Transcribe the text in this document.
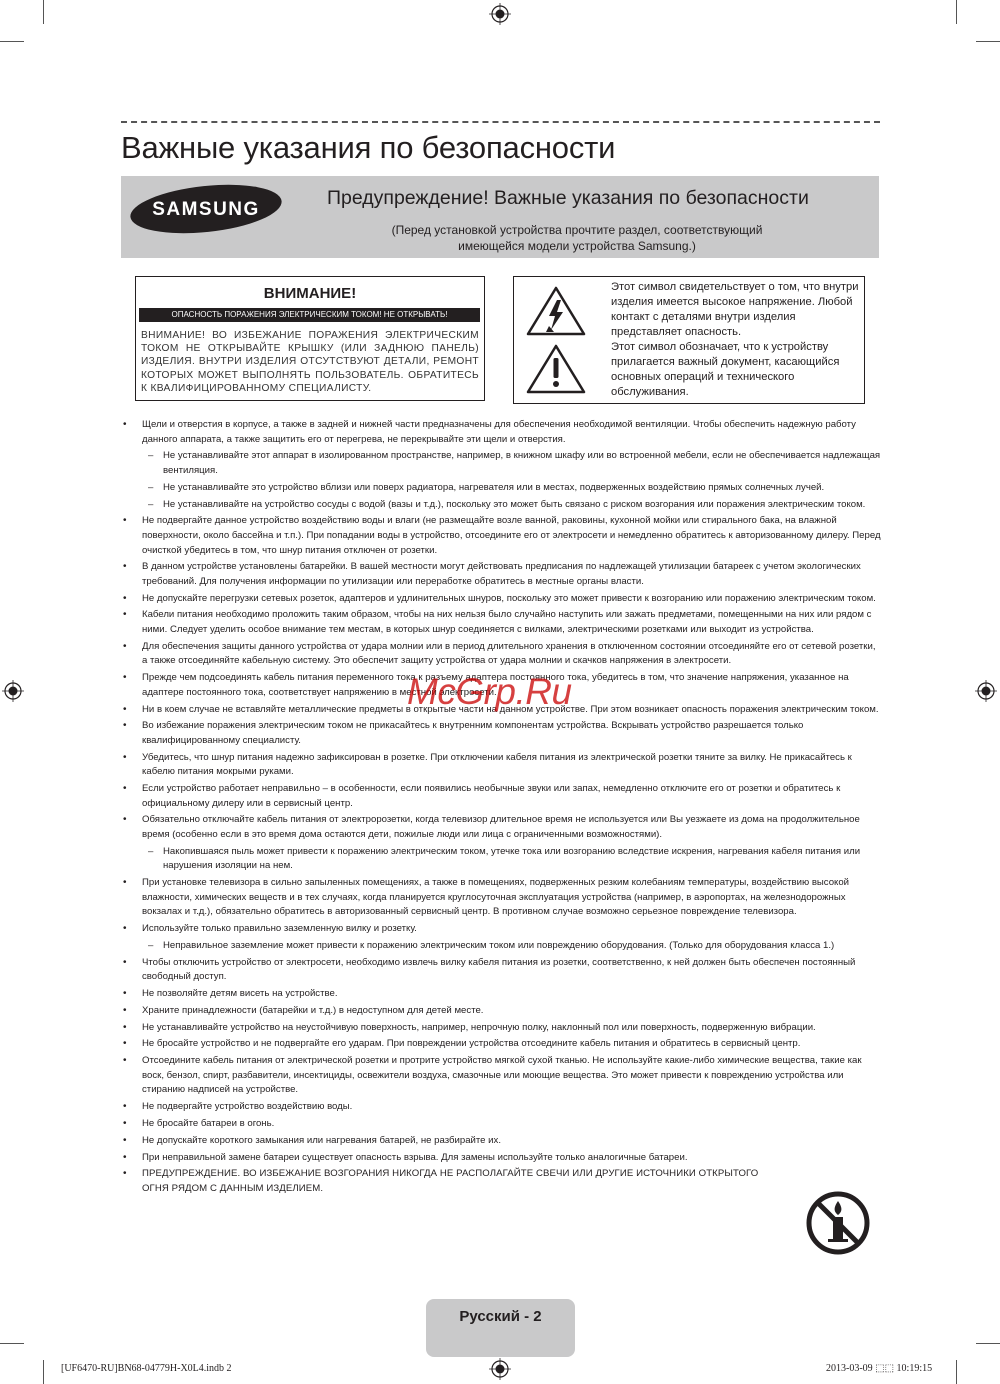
Важные указания по безопасности
SAMSUNG
Предупреждение! Важные указания по безопасности
(Перед установкой устройства прочтите раздел, соответствующий
имеющейся модели устройства Samsung.)
ВНИМАНИЕ!
ОПАСНОСТЬ ПОРАЖЕНИЯ ЭЛЕКТРИЧЕСКИМ ТОКОМ! НЕ ОТКРЫВАТЬ!
ВНИМАНИЕ! ВО ИЗБЕЖАНИЕ ПОРАЖЕНИЯ ЭЛЕКТРИЧЕСКИМ ТОКОМ НЕ ОТКРЫВАЙТЕ КРЫШКУ (ИЛИ ЗАДНЮЮ ПАНЕЛЬ) ИЗДЕЛИЯ. ВНУТРИ ИЗДЕЛИЯ ОТСУТСТВУЮТ ДЕТАЛИ, РЕМОНТ КОТОРЫХ МОЖЕТ ВЫПОЛНЯТЬ ПОЛЬЗОВАТЕЛЬ. ОБРАТИТЕСЬ К КВАЛИФИЦИРОВАННОМУ СПЕЦИАЛИСТУ.
Этот символ свидетельствует о том, что внутри изделия имеется высокое напряжение. Любой контакт с деталями внутри изделия представляет опасность.
Этот символ обозначает, что к устройству прилагается важный документ, касающийся основных операций и технического обслуживания.
• Щели и отверстия в корпусе, а также в задней и нижней части предназначены для обеспечения необходимой вентиляции. Чтобы обеспечить надежную работу данного аппарата, а также защитить его от перегрева, не перекрывайте эти щели и отверстия.
– Не устанавливайте этот аппарат в изолированном пространстве, например, в книжном шкафу или во встроенной мебели, если не обеспечивается надлежащая вентиляция.
– Не устанавливайте это устройство вблизи или поверх радиатора, нагревателя или в местах, подверженных воздействию прямых солнечных лучей.
– Не устанавливайте на устройство сосуды с водой (вазы и т.д.), поскольку это может быть связано с риском возгорания или поражения электрическим током.
• Не подвергайте данное устройство воздействию воды и влаги (не размещайте возле ванной, раковины, кухонной мойки или стирального бака, на влажной поверхности, около бассейна и т.п.). При попадании воды в устройство, отсоедините его от электросети и немедленно обратитесь к авторизованному дилеру. Перед очисткой убедитесь в том, что шнур питания отключен от розетки.
• В данном устройстве установлены батарейки. В вашей местности могут действовать предписания по надлежащей утилизации батареек с учетом экологических требований. Для получения информации по утилизации или переработке обратитесь в местные органы власти.
• Не допускайте перегрузки сетевых розеток, адаптеров и удлинительных шнуров, поскольку это может привести к возгоранию или поражению электрическим током.
• Кабели питания необходимо проложить таким образом, чтобы на них нельзя было случайно наступить или зажать предметами, помещенными на них или рядом с ними. Следует уделить особое внимание тем местам, в которых шнур соединяется с вилками, электрическими розетками или выходит из устройства.
• Для обеспечения защиты данного устройства от удара молнии или в период длительного хранения в отключенном состоянии отсоединяйте его от сетевой розетки, а также отсоединяйте кабельную систему. Это обеспечит защиту устройства от удара молнии и скачков напряжения в электросети.
• Прежде чем подсоединять кабель питания переменного тока к разъему адаптера постоянного тока, убедитесь в том, что значение напряжения, указанное на адаптере постоянного тока, соответствует напряжению в местной электросети.
• Ни в коем случае не вставляйте металлические предметы в открытые части на данном устройстве. При этом возникает опасность поражения электрическим током.
• Во избежание поражения электрическим током не прикасайтесь к внутренним компонентам устройства. Вскрывать устройство разрешается только квалифицированному специалисту.
• Убедитесь, что шнур питания надежно зафиксирован в розетке. При отключении кабеля питания из электрической розетки тяните за вилку. Не прикасайтесь к кабелю питания мокрыми руками.
• Если устройство работает неправильно – в особенности, если появились необычные звуки или запах, немедленно отключите его от розетки и обратитесь к официальному дилеру или в сервисный центр.
• Обязательно отключайте кабель питания от электророзетки, когда телевизор длительное время не используется или Вы уезжаете из дома на продолжительное время (особенно если в это время дома остаются дети, пожилые люди или лица с ограниченными возможностями).
– Накопившаяся пыль может привести к поражению электрическим током, утечке тока или возгоранию вследствие искрения, нагревания кабеля питания или нарушения изоляции на нем.
• При установке телевизора в сильно запыленных помещениях, а также в помещениях, подверженных резким колебаниям температуры, воздействию высокой влажности, химических веществ и в тех случаях, когда планируется круглосуточная эксплуатация устройства (например, в аэропортах, на железнодорожных вокзалах и т.д.), обязательно обратитесь в авторизованный сервисный центр. В противном случае возможно серьезное повреждение телевизора.
• Используйте только правильно заземленную вилку и розетку.
– Неправильное заземление может привести к поражению электрическим током или повреждению оборудования. (Только для оборудования класса 1.)
• Чтобы отключить устройство от электросети, необходимо извлечь вилку кабеля питания из розетки, соответственно, к ней должен быть обеспечен постоянный свободный доступ.
• Не позволяйте детям висеть на устройстве.
• Храните принадлежности (батарейки и т.д.) в недоступном для детей месте.
• Не устанавливайте устройство на неустойчивую поверхность, например, непрочную полку, наклонный пол или поверхность, подверженную вибрации.
• Не бросайте устройство и не подвергайте его ударам. При повреждении устройства отсоедините кабель питания и обратитесь в сервисный центр.
• Отсоедините кабель питания от электрической розетки и протрите устройство мягкой сухой тканью. Не используйте какие-либо химические вещества, такие как воск, бензол, спирт, разбавители, инсектициды, освежители воздуха, смазочные или моющие вещества. Это может привести к повреждению устройства или стиранию надписей на устройстве.
• Не подвергайте устройство воздействию воды.
• Не бросайте батареи в огонь.
• Не допускайте короткого замыкания или нагревания батарей, не разбирайте их.
• При неправильной замене батареи существует опасность взрыва. Для замены используйте только аналогичные батареи.
• ПРЕДУПРЕЖДЕНИЕ. ВО ИЗБЕЖАНИЕ ВОЗГОРАНИЯ НИКОГДА НЕ РАСПОЛАГАЙТЕ СВЕЧИ ИЛИ ДРУГИЕ ИСТОЧНИКИ ОТКРЫТОГО ОГНЯ РЯДОМ С ДАННЫМ ИЗДЕЛИЕМ.
McGrp.Ru
Русский - 2
[UF6470-RU]BN68-04779H-X0L4.indb 2	2013-03-09 ⬚⬚ 10:19:15
